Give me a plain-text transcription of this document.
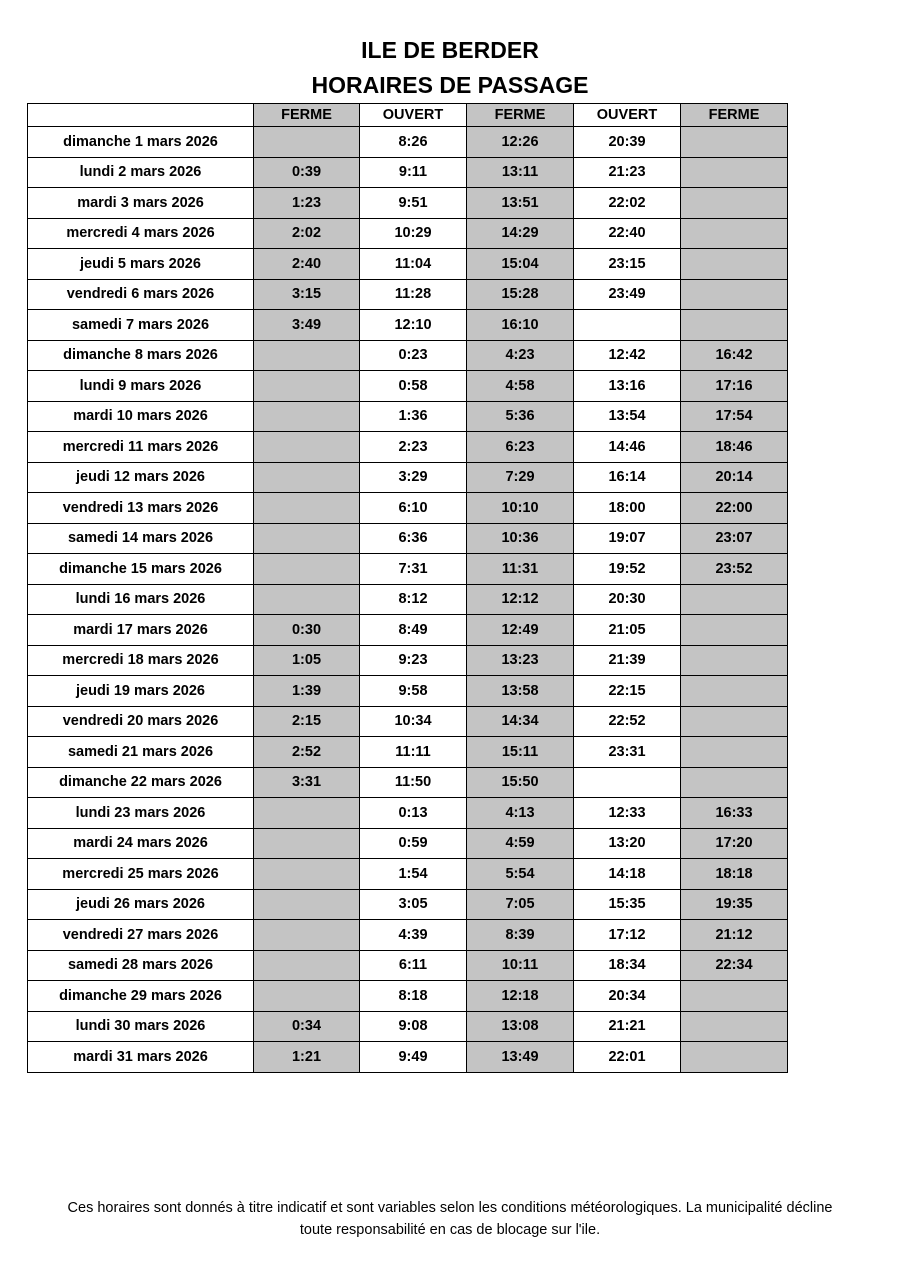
ILE DE BERDER
HORAIRES DE PASSAGE
	FERME	OUVERT	FERME	OUVERT	FERME
dimanche 1 mars 2026		8:26	12:26	20:39	
lundi 2 mars 2026	0:39	9:11	13:11	21:23	
mardi 3 mars 2026	1:23	9:51	13:51	22:02	
mercredi 4 mars 2026	2:02	10:29	14:29	22:40	
jeudi 5 mars 2026	2:40	11:04	15:04	23:15	
vendredi 6 mars 2026	3:15	11:28	15:28	23:49	
samedi 7 mars 2026	3:49	12:10	16:10		
dimanche 8 mars 2026		0:23	4:23	12:42	16:42
lundi 9 mars 2026		0:58	4:58	13:16	17:16
mardi 10 mars 2026		1:36	5:36	13:54	17:54
mercredi 11 mars 2026		2:23	6:23	14:46	18:46
jeudi 12 mars 2026		3:29	7:29	16:14	20:14
vendredi 13 mars 2026		6:10	10:10	18:00	22:00
samedi 14 mars 2026		6:36	10:36	19:07	23:07
dimanche 15 mars 2026		7:31	11:31	19:52	23:52
lundi 16 mars 2026		8:12	12:12	20:30	
mardi 17 mars 2026	0:30	8:49	12:49	21:05	
mercredi 18 mars 2026	1:05	9:23	13:23	21:39	
jeudi 19 mars 2026	1:39	9:58	13:58	22:15	
vendredi 20 mars 2026	2:15	10:34	14:34	22:52	
samedi 21 mars 2026	2:52	11:11	15:11	23:31	
dimanche 22 mars 2026	3:31	11:50	15:50		
lundi 23 mars 2026		0:13	4:13	12:33	16:33
mardi 24 mars 2026		0:59	4:59	13:20	17:20
mercredi 25 mars 2026		1:54	5:54	14:18	18:18
jeudi 26 mars 2026		3:05	7:05	15:35	19:35
vendredi 27 mars 2026		4:39	8:39	17:12	21:12
samedi 28 mars 2026		6:11	10:11	18:34	22:34
dimanche 29 mars 2026		8:18	12:18	20:34	
lundi 30 mars 2026	0:34	9:08	13:08	21:21	
mardi 31 mars 2026	1:21	9:49	13:49	22:01	
Ces horaires sont donnés à titre indicatif et sont variables selon les conditions météorologiques. La municipalité décline
toute responsabilité en cas de blocage sur l'ile.
